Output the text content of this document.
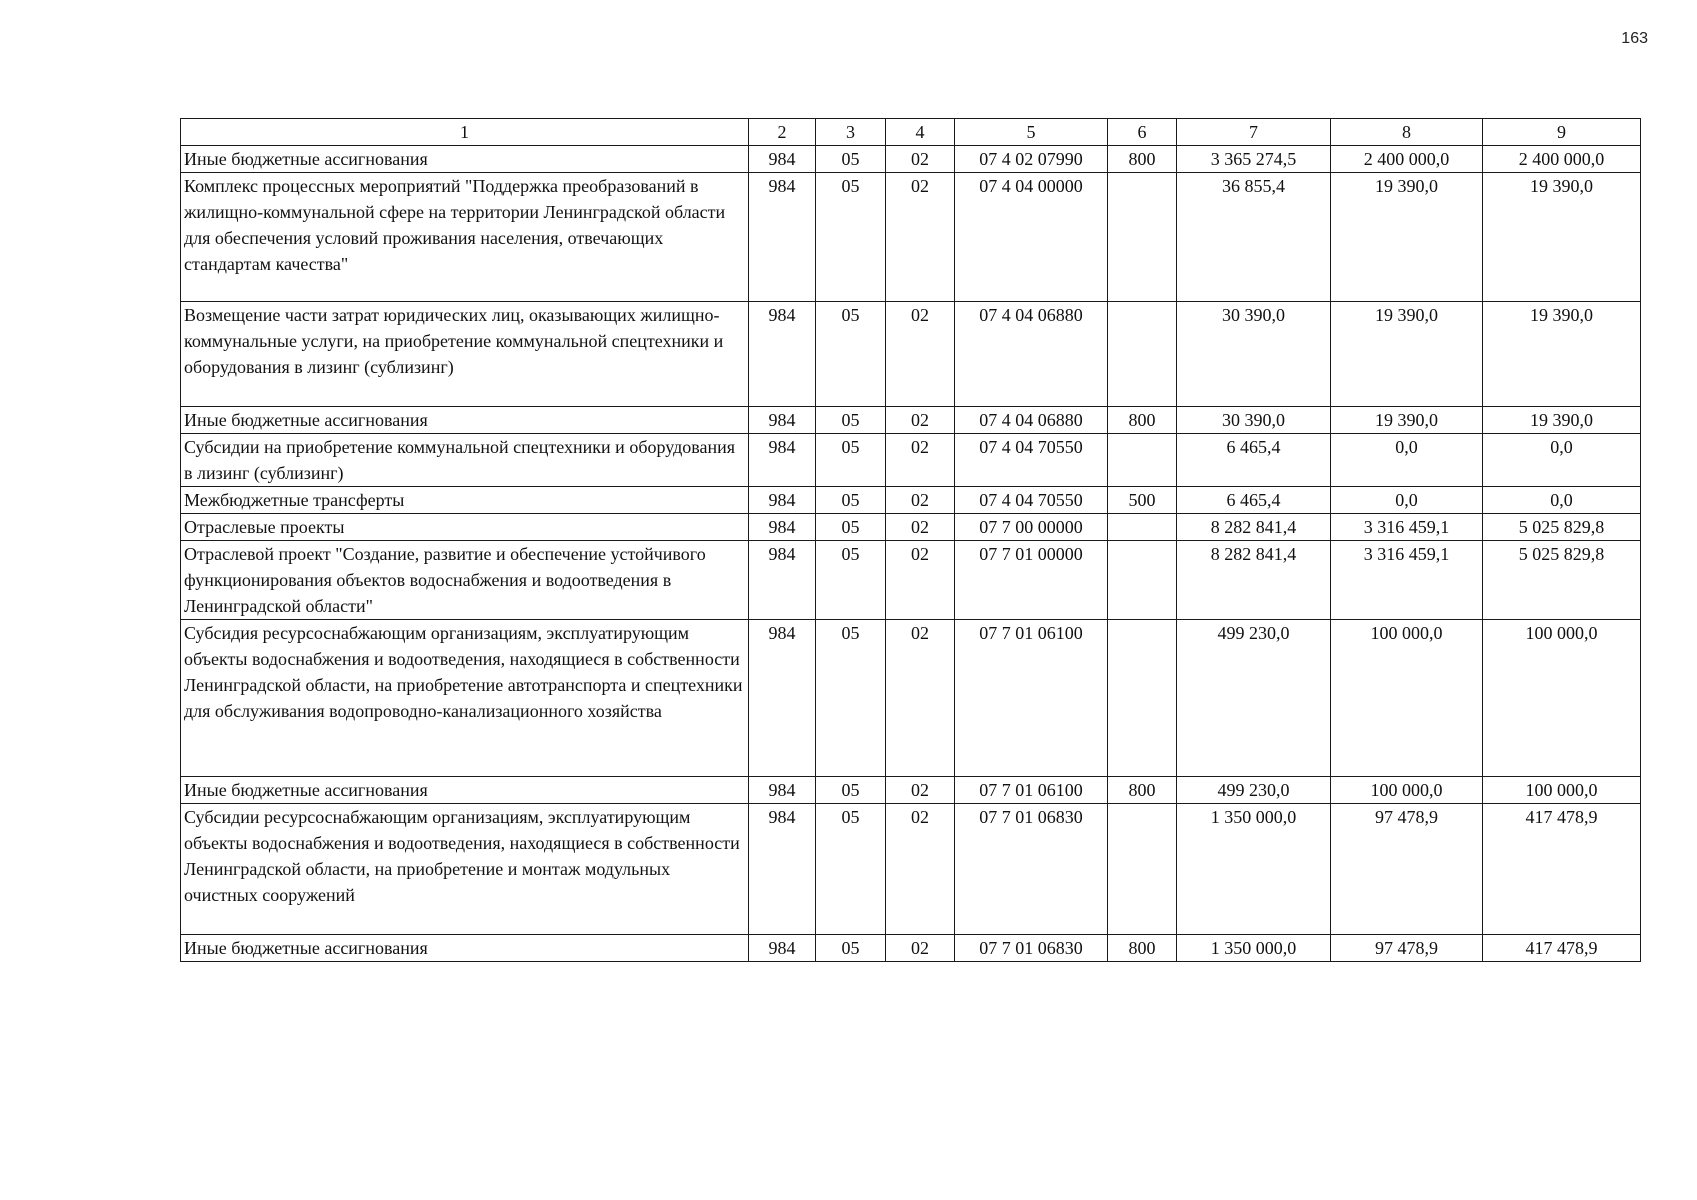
163
1	2	3	4	5	6	7	8	9
Иные бюджетные ассигнования	984	05	02	07 4 02 07990	800	3 365 274,5	2 400 000,0	2 400 000,0
Комплекс процессных мероприятий "Поддержка преобразований в жилищно-коммунальной сфере на территории Ленинградской области для обеспечения условий проживания населения, отвечающих стандартам качества"	984	05	02	07 4 04 00000		36 855,4	19 390,0	19 390,0
Возмещение части затрат юридических лиц, оказывающих жилищно-коммунальные услуги, на приобретение коммунальной спецтехники и оборудования в лизинг (сублизинг)	984	05	02	07 4 04 06880		30 390,0	19 390,0	19 390,0
Иные бюджетные ассигнования	984	05	02	07 4 04 06880	800	30 390,0	19 390,0	19 390,0
Субсидии на приобретение коммунальной спецтехники и оборудования в лизинг (сублизинг)	984	05	02	07 4 04 70550		6 465,4	0,0	0,0
Межбюджетные трансферты	984	05	02	07 4 04 70550	500	6 465,4	0,0	0,0
Отраслевые проекты	984	05	02	07 7 00 00000		8 282 841,4	3 316 459,1	5 025 829,8
Отраслевой проект "Создание, развитие и обеспечение устойчивого функционирования объектов водоснабжения и водоотведения в Ленинградской области"	984	05	02	07 7 01 00000		8 282 841,4	3 316 459,1	5 025 829,8
Субсидия ресурсоснабжающим организациям, эксплуатирующим объекты водоснабжения и водоотведения, находящиеся в собственности Ленинградской области, на приобретение автотранспорта и спецтехники для обслуживания водопроводно-канализационного хозяйства	984	05	02	07 7 01 06100		499 230,0	100 000,0	100 000,0
Иные бюджетные ассигнования	984	05	02	07 7 01 06100	800	499 230,0	100 000,0	100 000,0
Субсидии ресурсоснабжающим организациям, эксплуатирующим объекты водоснабжения и водоотведения, находящиеся в собственности Ленинградской области, на приобретение и монтаж модульных очистных сооружений	984	05	02	07 7 01 06830		1 350 000,0	97 478,9	417 478,9
Иные бюджетные ассигнования	984	05	02	07 7 01 06830	800	1 350 000,0	97 478,9	417 478,9
